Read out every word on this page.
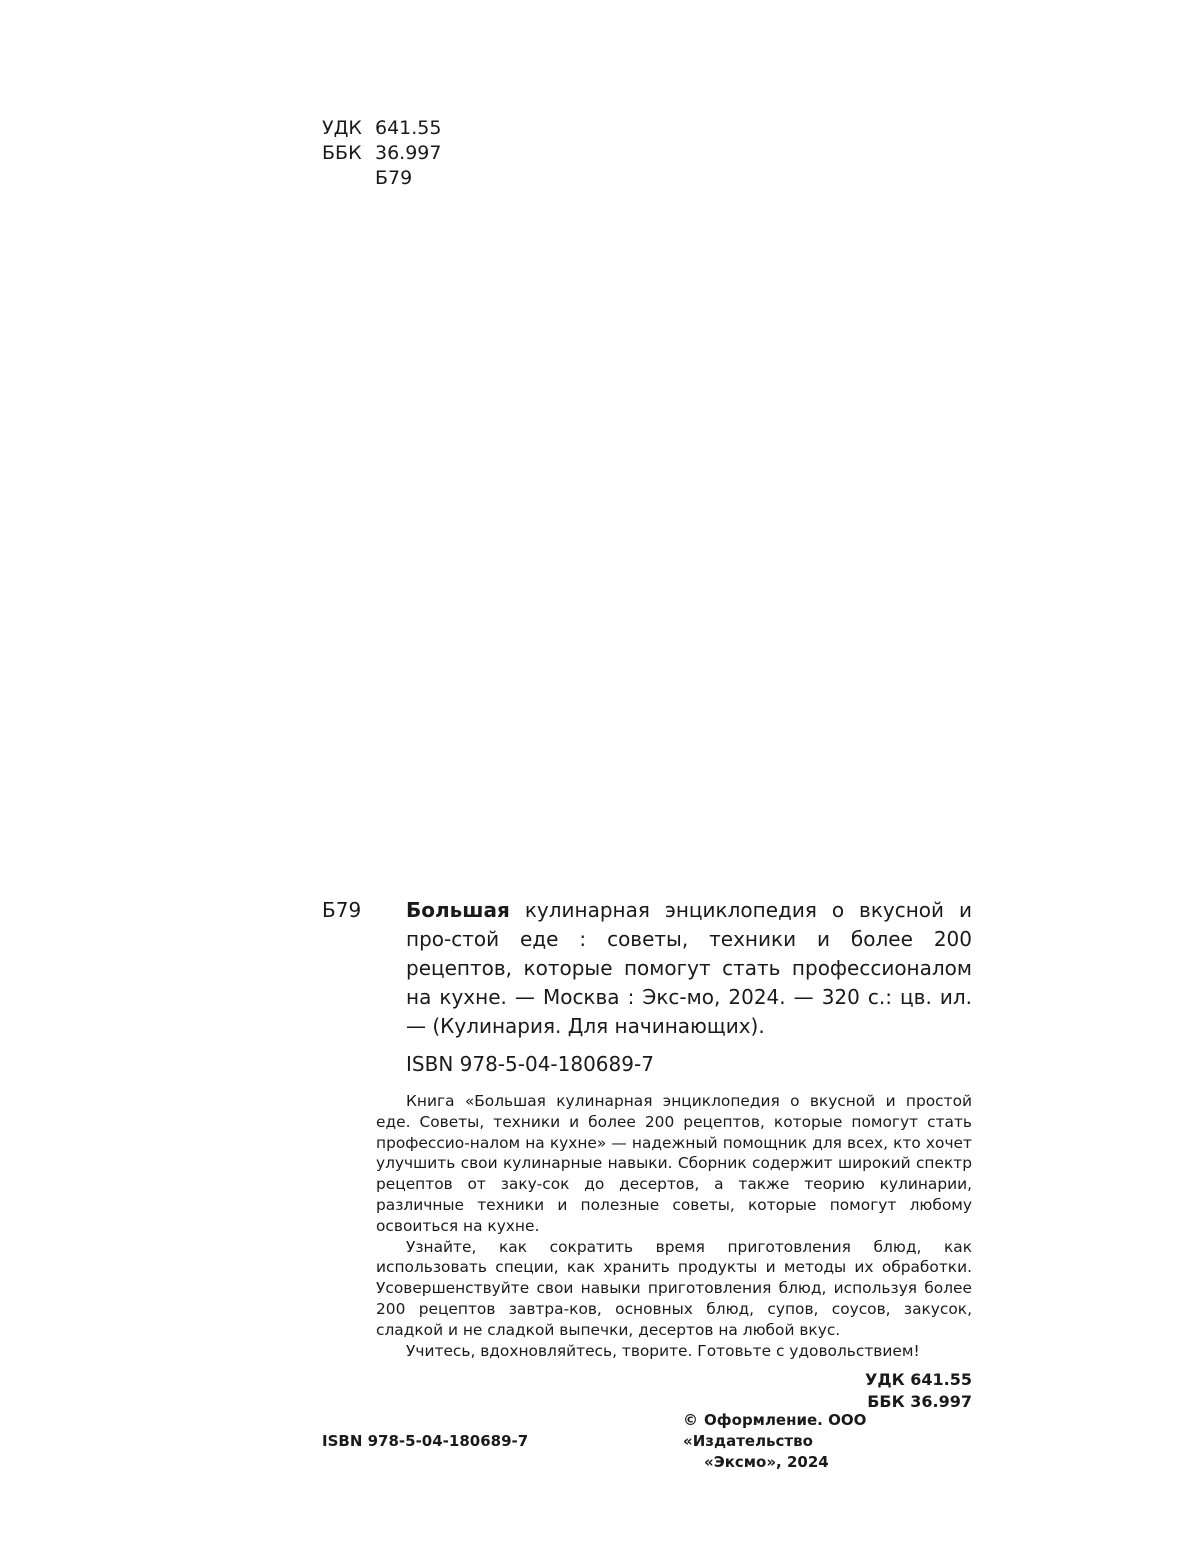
УДК 641.55
ББК 36.997
Б79
Б79 Большая кулинарная энциклопедия о вкусной и про-стой еде : советы, техники и более 200 рецептов, которые помогут стать профессионалом на кухне. — Москва : Экс-мо, 2024. — 320 с.: цв. ил. — (Кулинария. Для начинающих).
ISBN 978-5-04-180689-7

Книга «Большая кулинарная энциклопедия о вкусной и простой еде. Советы, техники и более 200 рецептов, которые помогут стать профессио-налом на кухне» — надежный помощник для всех, кто хочет улучшить свои кулинарные навыки. Сборник содержит широкий спектр рецептов от заку-сок до десертов, а также теорию кулинарии, различные техники и полезные советы, которые помогут любому освоиться на кухне.

Узнайте, как сократить время приготовления блюд, как использовать специи, как хранить продукты и методы их обработки. Усовершенствуйте свои навыки приготовления блюд, используя более 200 рецептов завтра-ков, основных блюд, супов, соусов, закусок, сладкой и не сладкой выпечки, десертов на любой вкус.

Учитесь, вдохновляйтесь, творите. Готовьте с удовольствием!

УДК 641.55
ББК 36.997
ISBN 978-5-04-180689-7
© Оформление. ООО «Издательство
«Эксмо», 2024
